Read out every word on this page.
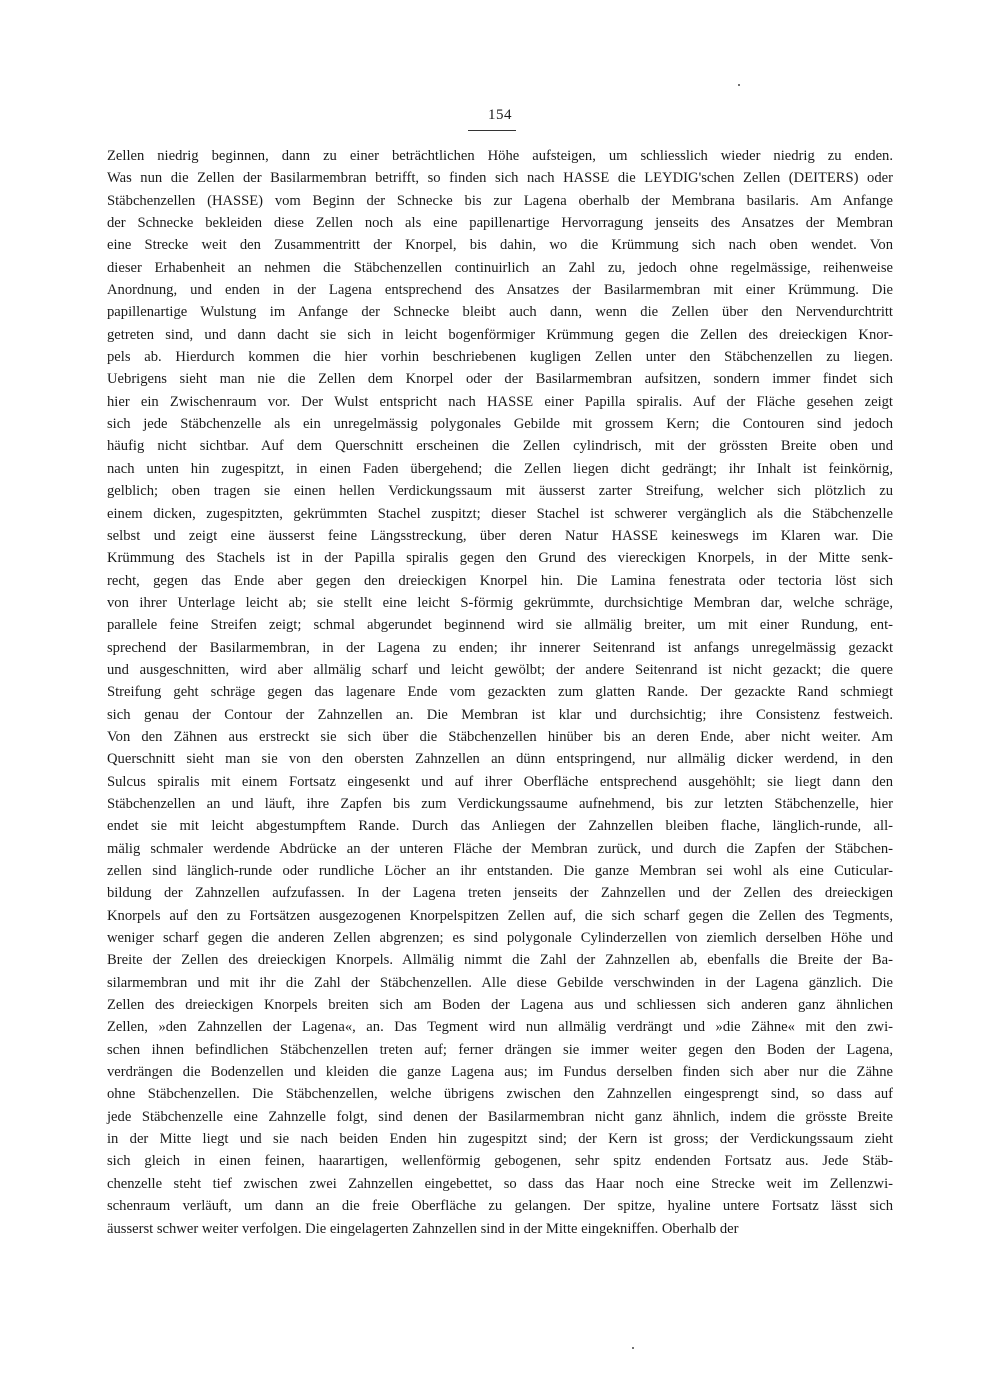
154
Zellen niedrig beginnen, dann zu einer beträchtlichen Höhe aufsteigen, um schliesslich wieder niedrig zu enden.
Was nun die Zellen der Basilarmembran betrifft, so finden sich nach HASSE die LEYDIG'schen Zellen (DEITERS) oder
Stäbchenzellen (HASSE) vom Beginn der Schnecke bis zur Lagena oberhalb der Membrana basilaris. Am Anfange
der Schnecke bekleiden diese Zellen noch als eine papillenartige Hervorragung jenseits des Ansatzes der Membran
eine Strecke weit den Zusammentritt der Knorpel, bis dahin, wo die Krümmung sich nach oben wendet. Von
dieser Erhabenheit an nehmen die Stäbchenzellen continuirlich an Zahl zu, jedoch ohne regelmässige, reihenweise
Anordnung, und enden in der Lagena entsprechend des Ansatzes der Basilarmembran mit einer Krümmung. Die
papillenartige Wulstung im Anfange der Schnecke bleibt auch dann, wenn die Zellen über den Nervendurchtritt
getreten sind, und dann dacht sie sich in leicht bogenförmiger Krümmung gegen die Zellen des dreieckigen Knor-
pels ab. Hierdurch kommen die hier vorhin beschriebenen kugligen Zellen unter den Stäbchenzellen zu liegen.
Uebrigens sieht man nie die Zellen dem Knorpel oder der Basilarmembran aufsitzen, sondern immer findet sich
hier ein Zwischenraum vor. Der Wulst entspricht nach HASSE einer Papilla spiralis. Auf der Fläche gesehen zeigt
sich jede Stäbchenzelle als ein unregelmässig polygonales Gebilde mit grossem Kern; die Contouren sind jedoch
häufig nicht sichtbar. Auf dem Querschnitt erscheinen die Zellen cylindrisch, mit der grössten Breite oben und
nach unten hin zugespitzt, in einen Faden übergehend; die Zellen liegen dicht gedrängt; ihr Inhalt ist feinkörnig,
gelblich; oben tragen sie einen hellen Verdickungssaum mit äusserst zarter Streifung, welcher sich plötzlich zu
einem dicken, zugespitzten, gekrümmten Stachel zuspitzt; dieser Stachel ist schwerer vergänglich als die Stäbchenzelle
selbst und zeigt eine äusserst feine Längsstreckung, über deren Natur HASSE keineswegs im Klaren war. Die
Krümmung des Stachels ist in der Papilla spiralis gegen den Grund des viereckigen Knorpels, in der Mitte senk-
recht, gegen das Ende aber gegen den dreieckigen Knorpel hin. Die Lamina fenestrata oder tectoria löst sich
von ihrer Unterlage leicht ab; sie stellt eine leicht S-förmig gekrümmte, durchsichtige Membran dar, welche schräge,
parallele feine Streifen zeigt; schmal abgerundet beginnend wird sie allmälig breiter, um mit einer Rundung, ent-
sprechend der Basilarmembran, in der Lagena zu enden; ihr innerer Seitenrand ist anfangs unregelmässig gezackt
und ausgeschnitten, wird aber allmälig scharf und leicht gewölbt; der andere Seitenrand ist nicht gezackt; die quere
Streifung geht schräge gegen das lagenare Ende vom gezackten zum glatten Rande. Der gezackte Rand schmiegt
sich genau der Contour der Zahnzellen an. Die Membran ist klar und durchsichtig; ihre Consistenz festweich.
Von den Zähnen aus erstreckt sie sich über die Stäbchenzellen hinüber bis an deren Ende, aber nicht weiter. Am
Querschnitt sieht man sie von den obersten Zahnzellen an dünn entspringend, nur allmälig dicker werdend, in den
Sulcus spiralis mit einem Fortsatz eingesenkt und auf ihrer Oberfläche entsprechend ausgehöhlt; sie liegt dann den
Stäbchenzellen an und läuft, ihre Zapfen bis zum Verdickungssaume aufnehmend, bis zur letzten Stäbchenzelle, hier
endet sie mit leicht abgestumpftem Rande. Durch das Anliegen der Zahnzellen bleiben flache, länglich-runde, all-
mälig schmaler werdende Abdrücke an der unteren Fläche der Membran zurück, und durch die Zapfen der Stäbchen-
zellen sind länglich-runde oder rundliche Löcher an ihr entstanden. Die ganze Membran sei wohl als eine Cuticular-
bildung der Zahnzellen aufzufassen. In der Lagena treten jenseits der Zahnzellen und der Zellen des dreieckigen
Knorpels auf den zu Fortsätzen ausgezogenen Knorpelspitzen Zellen auf, die sich scharf gegen die Zellen des Tegments,
weniger scharf gegen die anderen Zellen abgrenzen; es sind polygonale Cylinderzellen von ziemlich derselben Höhe und
Breite der Zellen des dreieckigen Knorpels. Allmälig nimmt die Zahl der Zahnzellen ab, ebenfalls die Breite der Ba-
silarmembran und mit ihr die Zahl der Stäbchenzellen. Alle diese Gebilde verschwinden in der Lagena gänzlich. Die
Zellen des dreieckigen Knorpels breiten sich am Boden der Lagena aus und schliessen sich anderen ganz ähnlichen
Zellen, »den Zahnzellen der Lagena«, an. Das Tegment wird nun allmälig verdrängt und »die Zähne« mit den zwi-
schen ihnen befindlichen Stäbchenzellen treten auf; ferner drängen sie immer weiter gegen den Boden der Lagena,
verdrängen die Bodenzellen und kleiden die ganze Lagena aus; im Fundus derselben finden sich aber nur die Zähne
ohne Stäbchenzellen. Die Stäbchenzellen, welche übrigens zwischen den Zahnzellen eingesprengt sind, so dass auf
jede Stäbchenzelle eine Zahnzelle folgt, sind denen der Basilarmembran nicht ganz ähnlich, indem die grösste Breite
in der Mitte liegt und sie nach beiden Enden hin zugespitzt sind; der Kern ist gross; der Verdickungssaum zieht
sich gleich in einen feinen, haarartigen, wellenförmig gebogenen, sehr spitz endenden Fortsatz aus. Jede Stäb-
chenzelle steht tief zwischen zwei Zahnzellen eingebettet, so dass das Haar noch eine Strecke weit im Zellenzwi-
schenraum verläuft, um dann an die freie Oberfläche zu gelangen. Der spitze, hyaline untere Fortsatz lässt sich
äusserst schwer weiter verfolgen. Die eingelagerten Zahnzellen sind in der Mitte eingekniffen. Oberhalb der
